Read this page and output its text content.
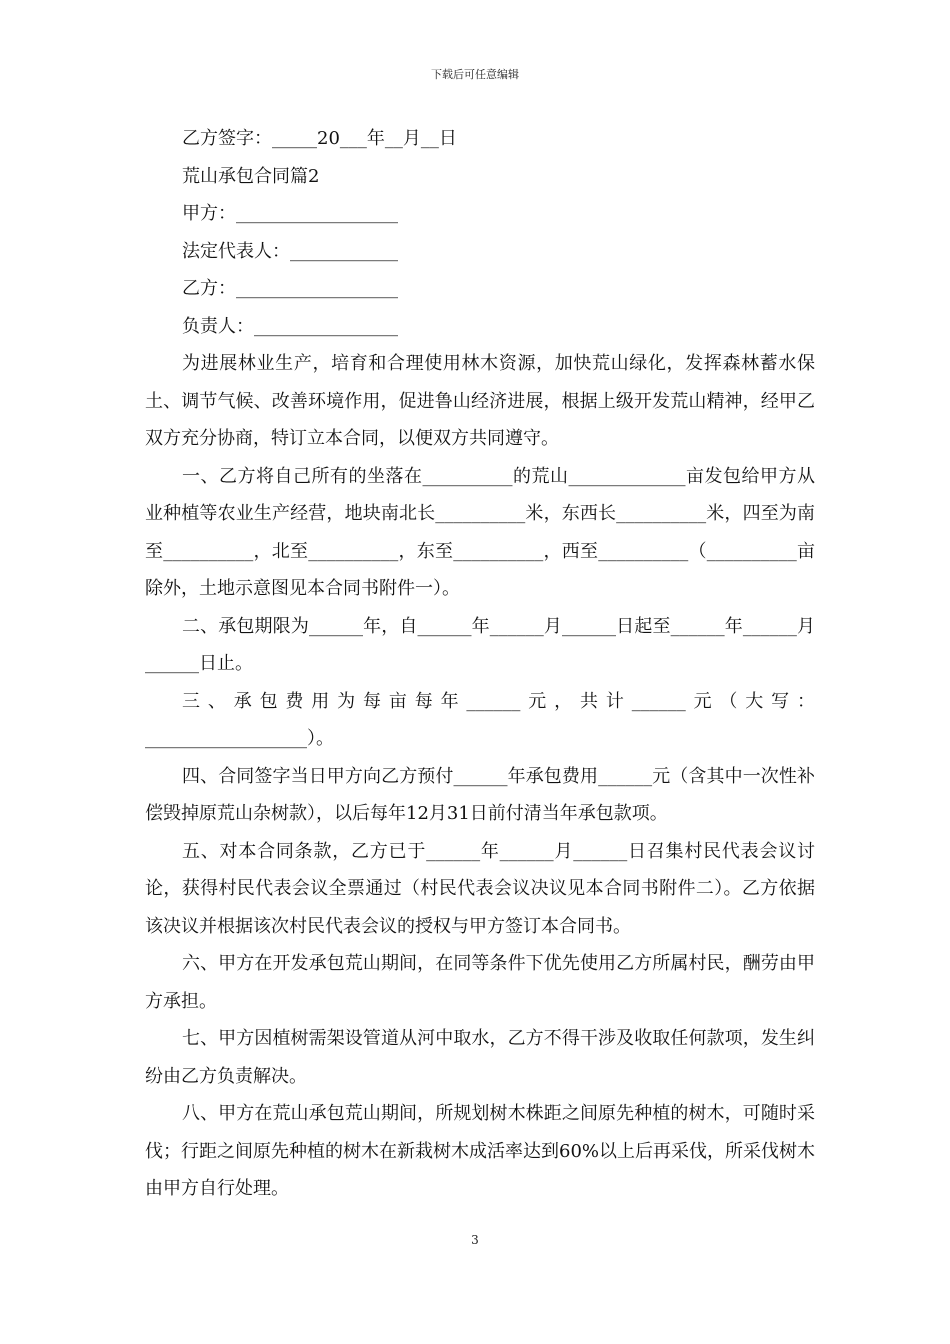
下载后可任意编辑
乙方签字：_____20___年__月__日
荒山承包合同篇2
甲方：__________________
法定代表人：____________
乙方：__________________
负责人：________________

为进展林业生产，培育和合理使用林木资源，加快荒山绿化，发挥森林蓄水保土、调节气候、改善环境作用，促进鲁山经济进展，根据上级开发荒山精神，经甲乙双方充分协商，特订立本合同，以便双方共同遵守。

一、乙方将自己所有的坐落在__________的荒山_____________亩发包给甲方从业种植等农业生产经营，地块南北长__________米，东西长__________米，四至为南至__________，北至__________，东至__________，西至__________（__________亩除外，土地示意图见本合同书附件一）。

二、承包期限为______年，自______年______月______日起至______年______月______日止。

三、承包费用为每亩每年______元，共计______元（大写：__________________）。

四、合同签字当日甲方向乙方预付______年承包费用______元（含其中一次性补偿毁掉原荒山杂树款），以后每年12月31日前付清当年承包款项。

五、对本合同条款，乙方已于______年______月______日召集村民代表会议讨论，获得村民代表会议全票通过（村民代表会议决议见本合同书附件二）。乙方依据该决议并根据该次村民代表会议的授权与甲方签订本合同书。

六、甲方在开发承包荒山期间，在同等条件下优先使用乙方所属村民，酬劳由甲方承担。

七、甲方因植树需架设管道从河中取水，乙方不得干涉及收取任何款项，发生纠纷由乙方负责解决。

八、甲方在荒山承包荒山期间，所规划树木株距之间原先种植的树木，可随时采伐；行距之间原先种植的树木在新栽树木成活率达到60%以上后再采伐，所采伐树木由甲方自行处理。

3
